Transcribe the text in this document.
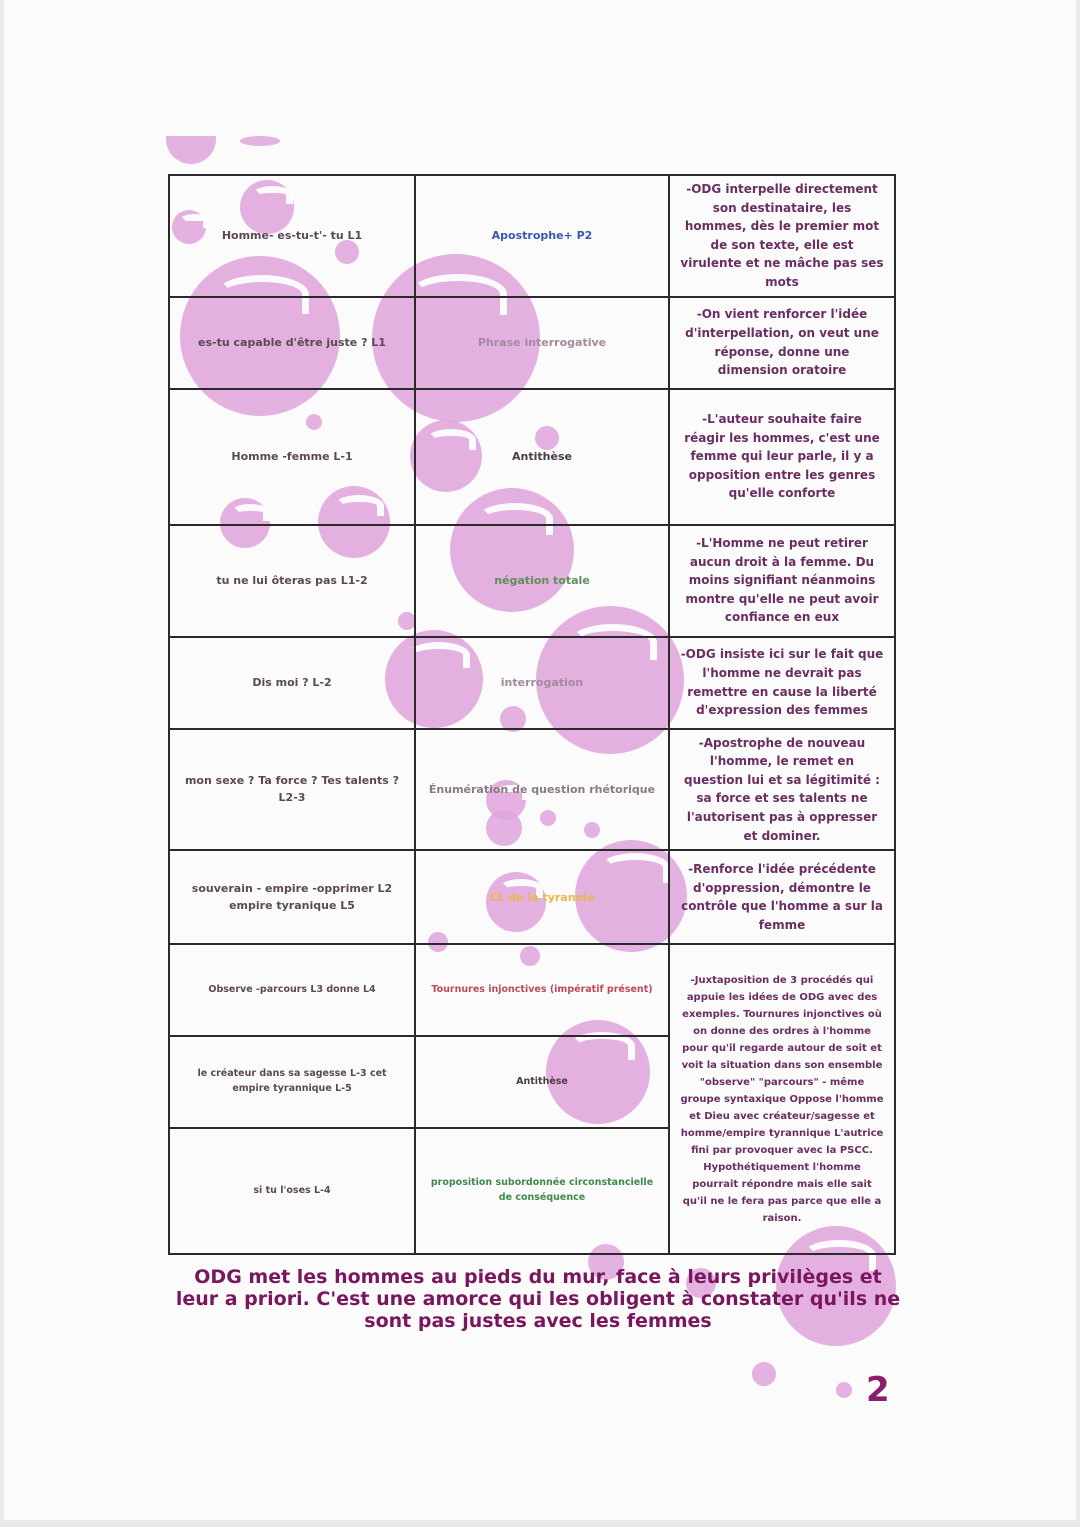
Homme- es-tu-t'- tu L1	Apostrophe+ P2	-ODG interpelle directement son destinataire, les hommes, dès le premier mot de son texte, elle est virulente et ne mâche pas ses mots
es-tu capable d'être juste ? L1	Phrase interrogative	-On vient renforcer l'idée d'interpellation, on veut une réponse, donne une dimension oratoire
Homme -femme L-1	Antithèse	-L'auteur souhaite faire réagir les hommes, c'est une femme qui leur parle, il y a opposition entre les genres qu'elle conforte
tu ne lui ôteras pas L1-2	négation totale	-L'Homme ne peut retirer aucun droit à la femme. Du moins signifiant néanmoins montre qu'elle ne peut avoir confiance en eux
Dis moi ? L-2	interrogation	-ODG insiste ici sur le fait que l'homme ne devrait pas remettre en cause la liberté d'expression des femmes
mon sexe ? Ta force ? Tes talents ? L2-3	Énumération de question rhétorique	-Apostrophe de nouveau l'homme, le remet en question lui et sa légitimité : sa force et ses talents ne l'autorisent pas à oppresser et dominer.
souverain - empire -opprimer L2 empire tyranique L5	CL de la tyrannie	-Renforce l'idée précédente d'oppression, démontre le contrôle que l'homme a sur la femme
Observe -parcours L3 donne L4	Tournures injonctives (impératif présent)	-Juxtaposition de 3 procédés qui appuie les idées de ODG avec des exemples. Tournures injonctives où on donne des ordres à l'homme pour qu'il regarde autour de soit et voit la situation dans son ensemble "observe" "parcours" - même groupe syntaxique Oppose l'homme et Dieu avec créateur/sagesse et homme/empire tyrannique L'autrice fini par provoquer avec la PSCC. Hypothétiquement l'homme pourrait répondre mais elle sait qu'il ne le fera pas parce que elle a raison.
le créateur dans sa sagesse L-3 cet empire tyrannique L-5	Antithèse	
si tu l'oses L-4	proposition subordonnée circonstancielle de conséquence	
ODG met les hommes au pieds du mur, face à leurs privilèges et leur a priori. C'est une amorce qui les obligent à constater qu'ils ne sont pas justes avec les femmes
2
